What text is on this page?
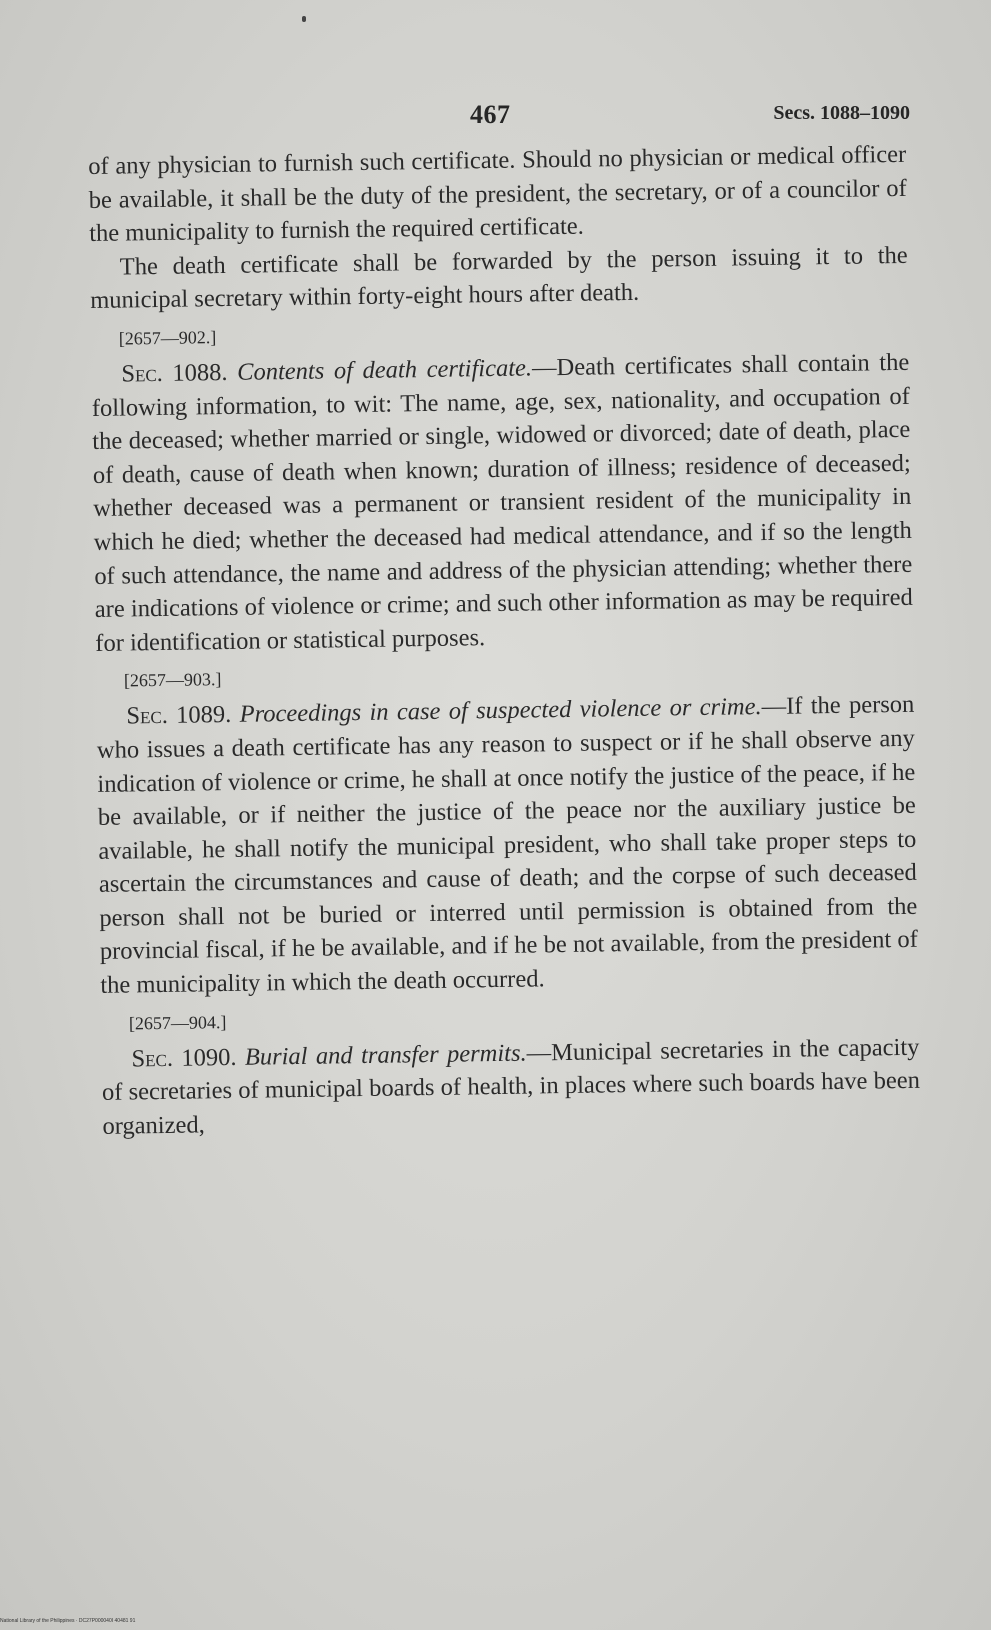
467	Secs. 1088–1090

of any physician to furnish such certificate. Should no physician or medical officer be available, it shall be the duty of the president, the secretary, or of a councilor of the municipality to furnish the required certificate.

The death certificate shall be forwarded by the person issuing it to the municipal secretary within forty-eight hours after death.

[2657—902.]

Sec. 1088. Contents of death certificate.—Death certificates shall contain the following information, to wit: The name, age, sex, nationality, and occupation of the deceased; whether married or single, widowed or divorced; date of death, place of death, cause of death when known; duration of illness; residence of deceased; whether deceased was a permanent or transient resident of the municipality in which he died; whether the deceased had medical attendance, and if so the length of such attendance, the name and address of the physician attending; whether there are indications of violence or crime; and such other information as may be required for identification or statistical purposes.

[2657—903.]

Sec. 1089. Proceedings in case of suspected violence or crime.—If the person who issues a death certificate has any reason to suspect or if he shall observe any indication of violence or crime, he shall at once notify the justice of the peace, if he be available, or if neither the justice of the peace nor the auxiliary justice be available, he shall notify the municipal president, who shall take proper steps to ascertain the circumstances and cause of death; and the corpse of such deceased person shall not be buried or interred until permission is obtained from the provincial fiscal, if he be available, and if he be not available, from the president of the municipality in which the death occurred.

[2657—904.]

Sec. 1090. Burial and transfer permits.—Municipal secretaries in the capacity of secretaries of municipal boards of health, in places where such boards have been organized,

National Library of the Philippines · DC27P000040I 40481 91
